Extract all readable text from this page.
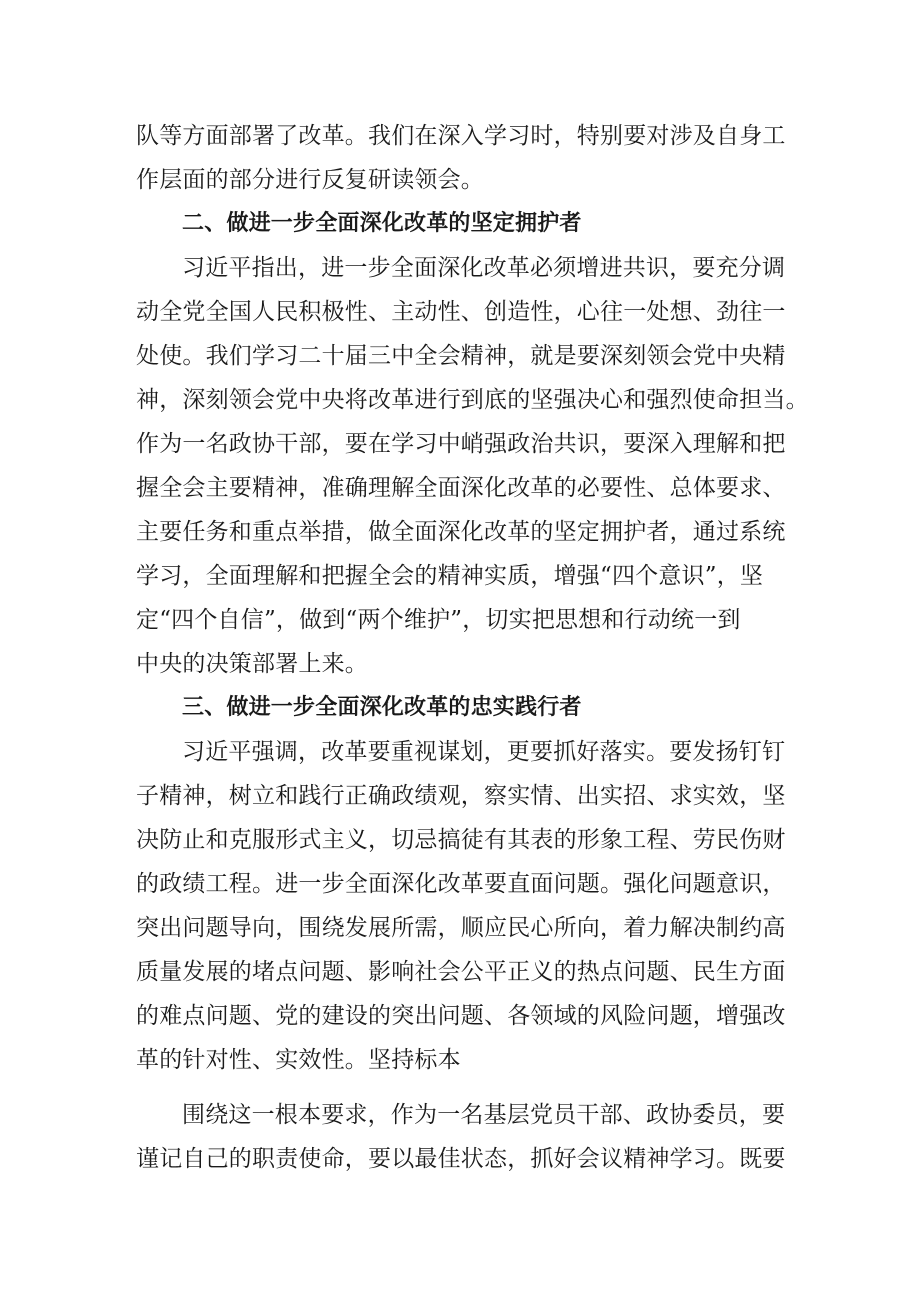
队等方面部署了改革。我们在深入学习时，特别要对涉及自身工
作层面的部分进行反复研读领会。
二、做进一步全面深化改革的坚定拥护者
习近平指出，进一步全面深化改革必须增进共识，要充分调
动全党全国人民积极性、主动性、创造性，心往一处想、劲往一
处使。我们学习二十届三中全会精神，就是要深刻领会党中央精
神，深刻领会党中央将改革进行到底的坚强决心和强烈使命担当。
作为一名政协干部，要在学习中峭强政治共识，要深入理解和把
握全会主要精神，准确理解全面深化改革的必要性、总体要求、
主要任务和重点举措，做全面深化改革的坚定拥护者，通过系统
学习，全面理解和把握全会的精神实质，增强“四个意识”，坚
定“四个自信”，做到“两个维护”，切实把思想和行动统一到
中央的决策部署上来。
三、做进一步全面深化改革的忠实践行者
习近平强调，改革要重视谋划，更要抓好落实。要发扬钉钉
子精神，树立和践行正确政绩观，察实情、出实招、求实效，坚
决防止和克服形式主义，切忌搞徒有其表的形象工程、劳民伤财
的政绩工程。进一步全面深化改革要直面问题。强化问题意识，
突出问题导向，围绕发展所需，顺应民心所向，着力解决制约高
质量发展的堵点问题、影响社会公平正义的热点问题、民生方面
的难点问题、党的建设的突出问题、各领域的风险问题，增强改
革的针对性、实效性。坚持标本
围绕这一根本要求，作为一名基层党员干部、政协委员，要
谨记自己的职责使命，要以最佳状态，抓好会议精神学习。既要
